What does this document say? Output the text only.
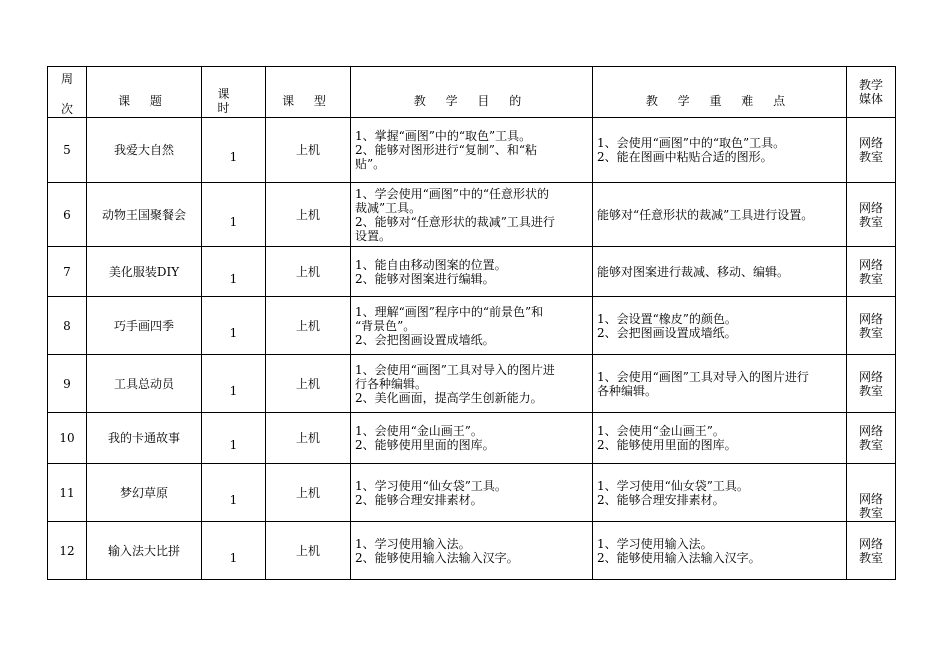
周
次	课 题	课 时	课 型	教 学 目 的	教 学 重 难 点	教学
媒体

5	我爱大自然	1	上机	1、掌握“画图”中的“取色”工具。
2、能够对图形进行“复制”、和“粘
贴”。	1、会使用“画图”中的“取色”工具。
2、能在图画中粘贴合适的图形。	网络
教室

6	动物王国聚餐会	1	上机	1、学会使用“画图”中的“任意形状的
裁减”工具。
2、能够对“任意形状的裁减”工具进行
设置。	能够对“任意形状的裁减”工具进行设置。	网络
教室

7	美化服装DIY	1	上机	1、能自由移动图案的位置。
2、能够对图案进行编辑。	能够对图案进行裁减、移动、编辑。	网络
教室

8	巧手画四季	1	上机	1、理解“画图”程序中的“前景色”和
“背景色”。
2、会把图画设置成墙纸。	1、会设置“橡皮”的颜色。
2、会把图画设置成墙纸。	网络
教室

9	工具总动员	1	上机	1、会使用“画图”工具对导入的图片进
行各种编辑。
2、美化画面，提高学生创新能力。	1、会使用“画图”工具对导入的图片进行
各种编辑。	网络
教室

10	我的卡通故事	1	上机	1、会使用“金山画王”。
2、能够使用里面的图库。	1、会使用“金山画王”。
2、能够使用里面的图库。	网络
教室

11	梦幻草原	1	上机	1、学习使用“仙女袋”工具。
2、能够合理安排素材。	1、学习使用“仙女袋”工具。
2、能够合理安排素材。	网络
教室

12	输入法大比拼	1	上机	1、学习使用输入法。
2、能够使用输入法输入汉字。	1、学习使用输入法。
2、能够使用输入法输入汉字。	网络
教室
